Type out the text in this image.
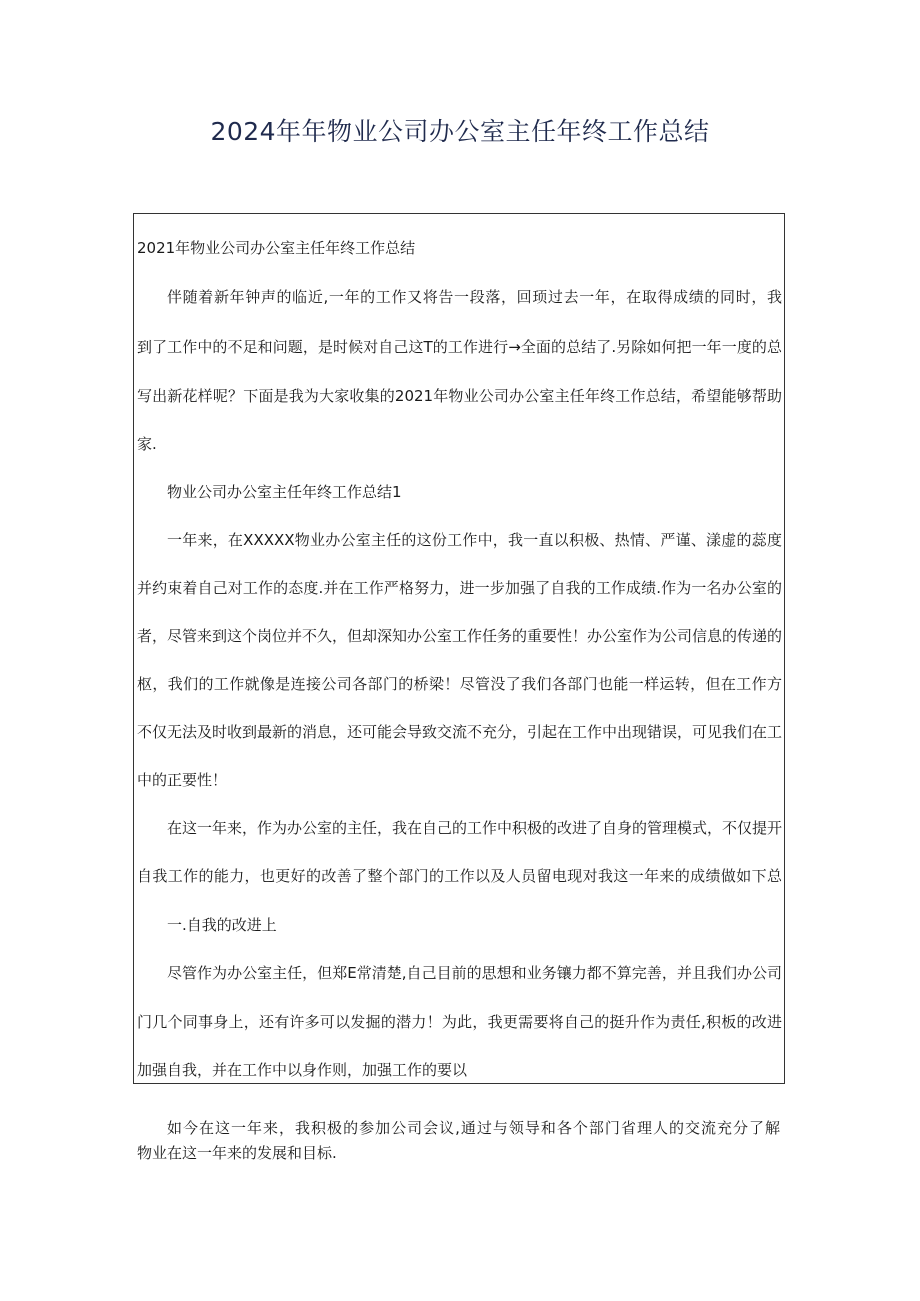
2024年年物业公司办公室主任年终工作总结

2021年物业公司办公室主任年终工作总结

伴随着新年钟声的临近,一年的工作又将告一段落，回顼过去一年，在取得成绩的同时，我

到了工作中的不足和问题，是时候对自己这T的工作进行→全面的总结了.另除如何把一年一度的总

写出新花样呢？下面是我为大家收集的2021年物业公司办公室主任年终工作总结，希望能够帮助

家.

物业公司办公室主任年终工作总结1

一年来，在XXXXX物业办公室主任的这份工作中，我一直以积极、热情、严谨、漾虚的蕊度

并约束着自己对工作的态度.并在工作严格努力，进一步加强了自我的工作成绩.作为一名办公室的

者，尽管来到这个岗位并不久，但却深知办公室工作任务的重要性！办公室作为公司信息的传递的

枢，我们的工作就像是连接公司各部门的桥梁！尽管没了我们各部门也能一样运转，但在工作方

不仅无法及时收到最新的消息，还可能会导致交流不充分，引起在工作中出现错误，可见我们在工

中的正要性！

在这一年来，作为办公室的主任，我在自己的工作中积极的改进了自身的管理模式，不仅提开

自我工作的能力，也更好的改善了整个部门的工作以及人员留电现对我这一年来的成绩做如下总

一.自我的改进上

尽管作为办公室主任，但郑E常清楚,自己目前的思想和业务镶力都不算完善，并且我们办公司

门几个同事身上，还有许多可以发掘的潜力！为此，我更需要将自己的挺升作为责任,积板的改进

加强自我，并在工作中以身作则，加强工作的要以

如今在这一年来，我积极的参加公司会议,通过与领导和各个部门省理人的交流充分了解

物业在这一年来的发展和目标.
